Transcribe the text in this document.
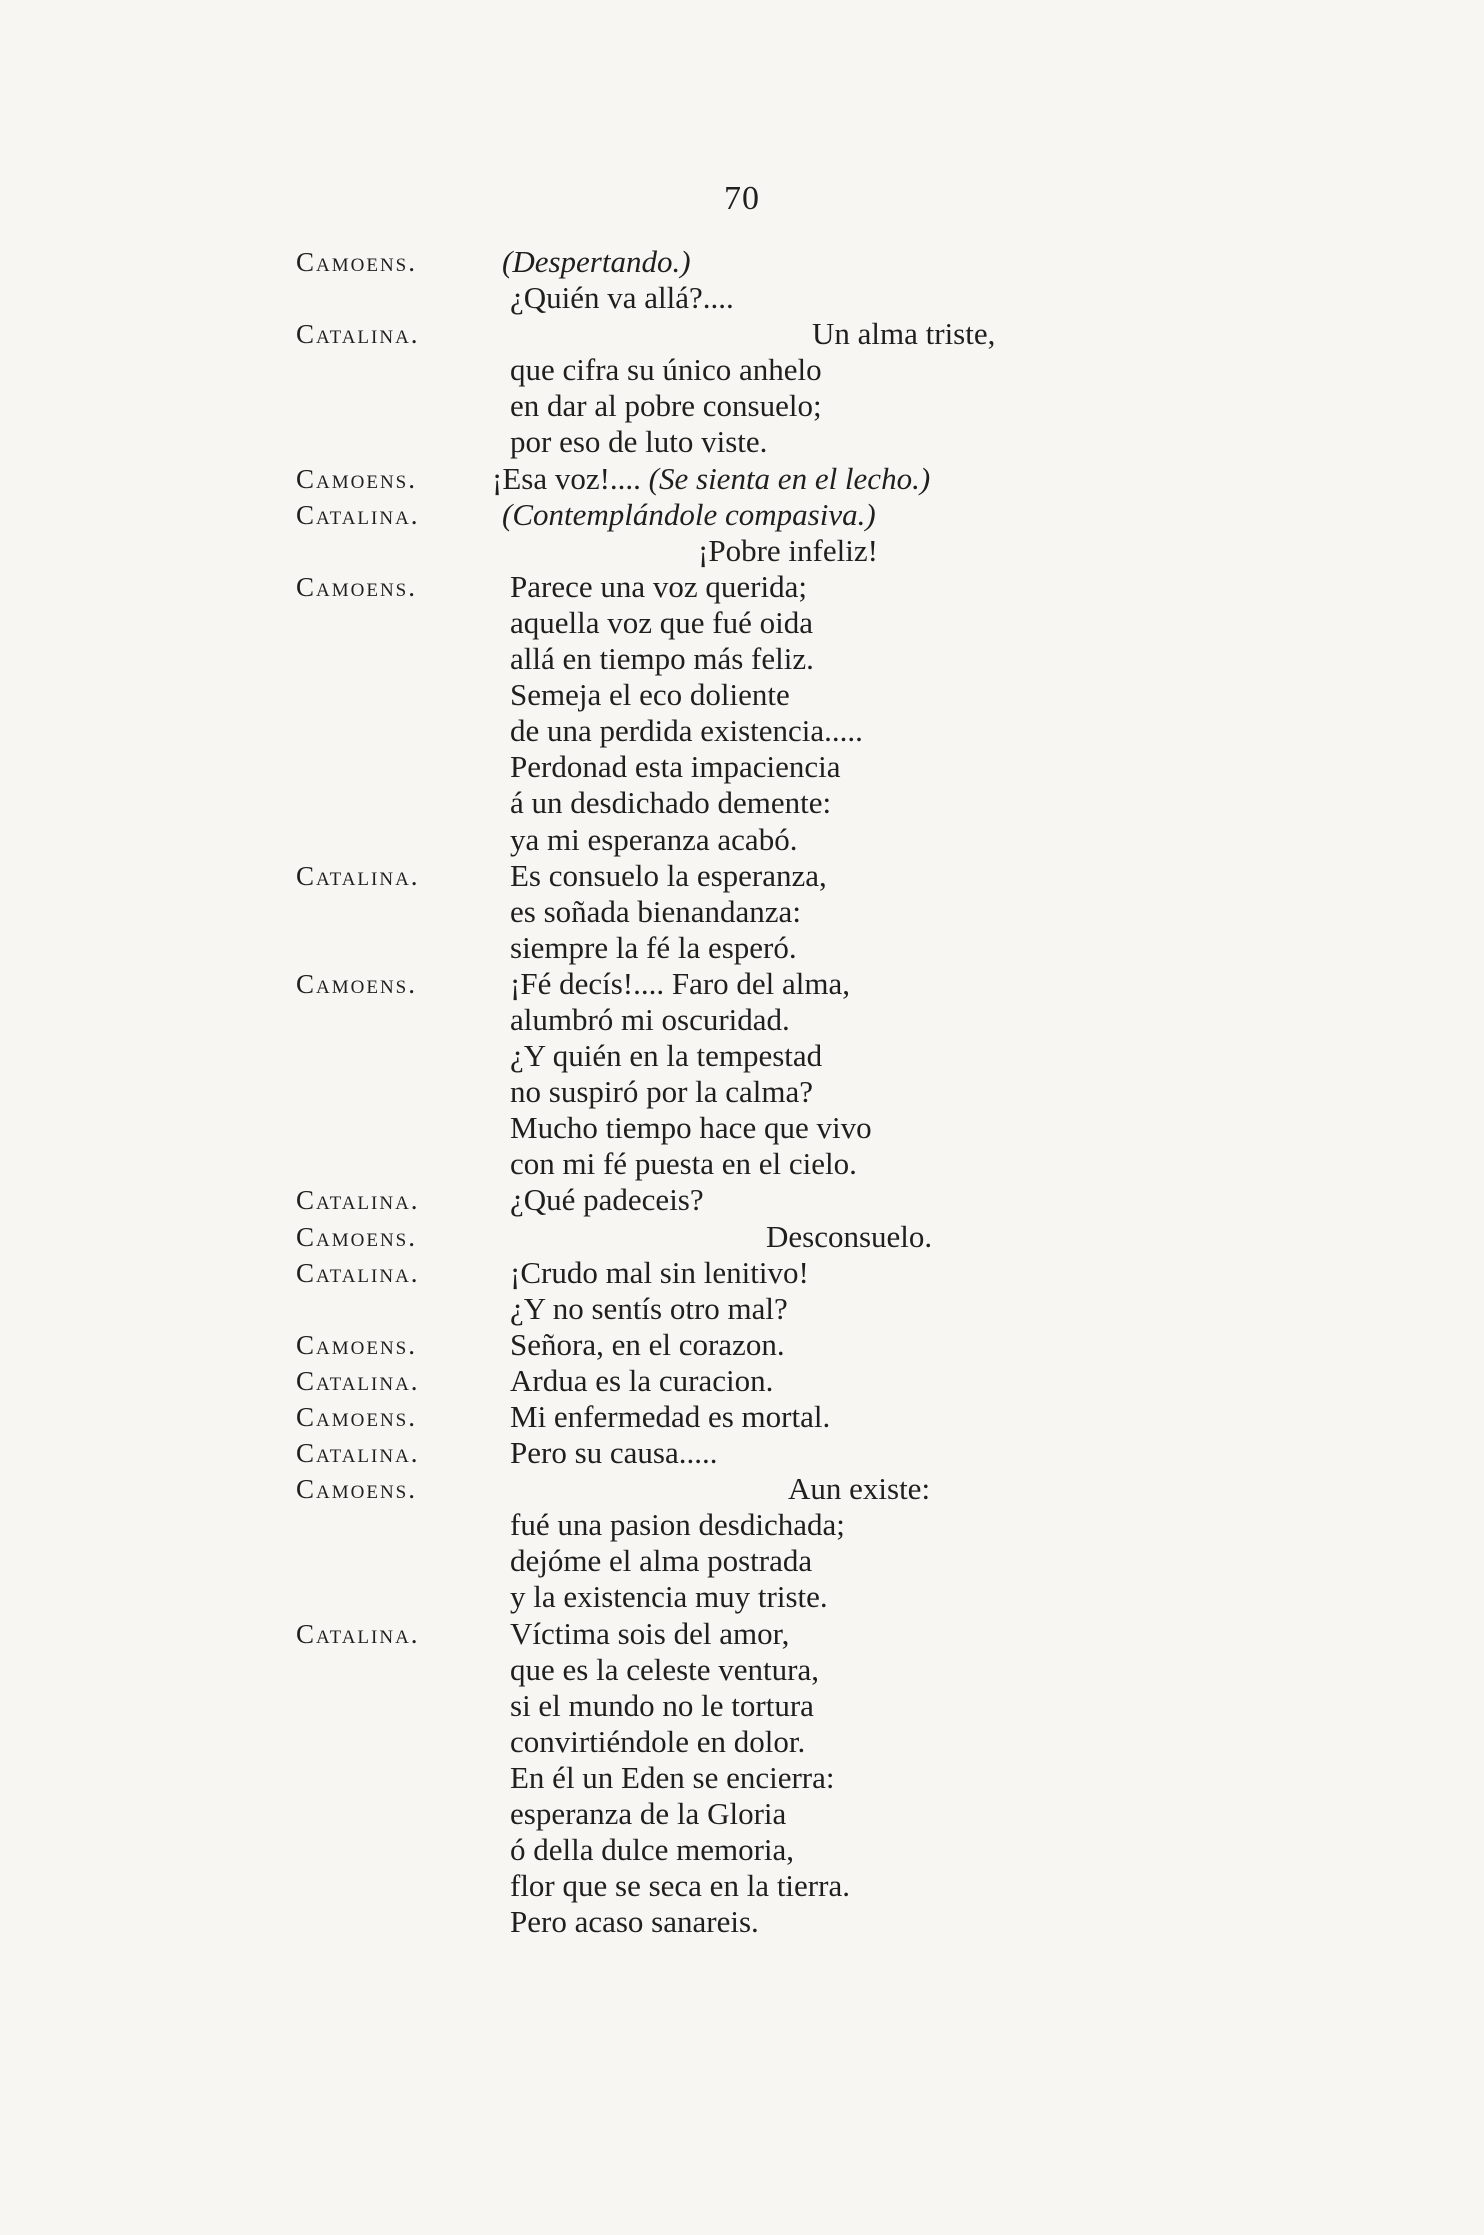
70
Camoens.	(Despertando.)
¿Quién va allá?....
Catalina.	Un alma triste,
que cifra su único anhelo
en dar al pobre consuelo;
por eso de luto viste.
Camoens. ¡Esa voz!.... (Se sienta en el lecho.)
Catalina.	(Contemplándole compasiva.)
¡Pobre infeliz!
Camoens.	Parece una voz querida;
aquella voz que fué oida
allá en tiempo más feliz.
Semeja el eco doliente
de una perdida existencia.....
Perdonad esta impaciencia
á un desdichado demente:
ya mi esperanza acabó.
Catalina.	Es consuelo la esperanza,
es soñada bienandanza:
siempre la fé la esperó.
Camoens.	¡Fé decís!.... Faro del alma,
alumbró mi oscuridad.
¿Y quién en la tempestad
no suspiró por la calma?
Mucho tiempo hace que vivo
con mi fé puesta en el cielo.
Catalina.	¿Qué padeceis?
Camoens.	Desconsuelo.
Catalina.	¡Crudo mal sin lenitivo!
¿Y no sentís otro mal?
Camoens.	Señora, en el corazon.
Catalina.	Ardua es la curacion.
Camoens.	Mi enfermedad es mortal.
Catalina.	Pero su causa.....
Camoens.	Aun existe:
fué una pasion desdichada;
dejóme el alma postrada
y la existencia muy triste.
Catalina.	Víctima sois del amor,
que es la celeste ventura,
si el mundo no le tortura
convirtiéndole en dolor.
En él un Eden se encierra:
esperanza de la Gloria
ó della dulce memoria,
flor que se seca en la tierra.
Pero acaso sanareis.
